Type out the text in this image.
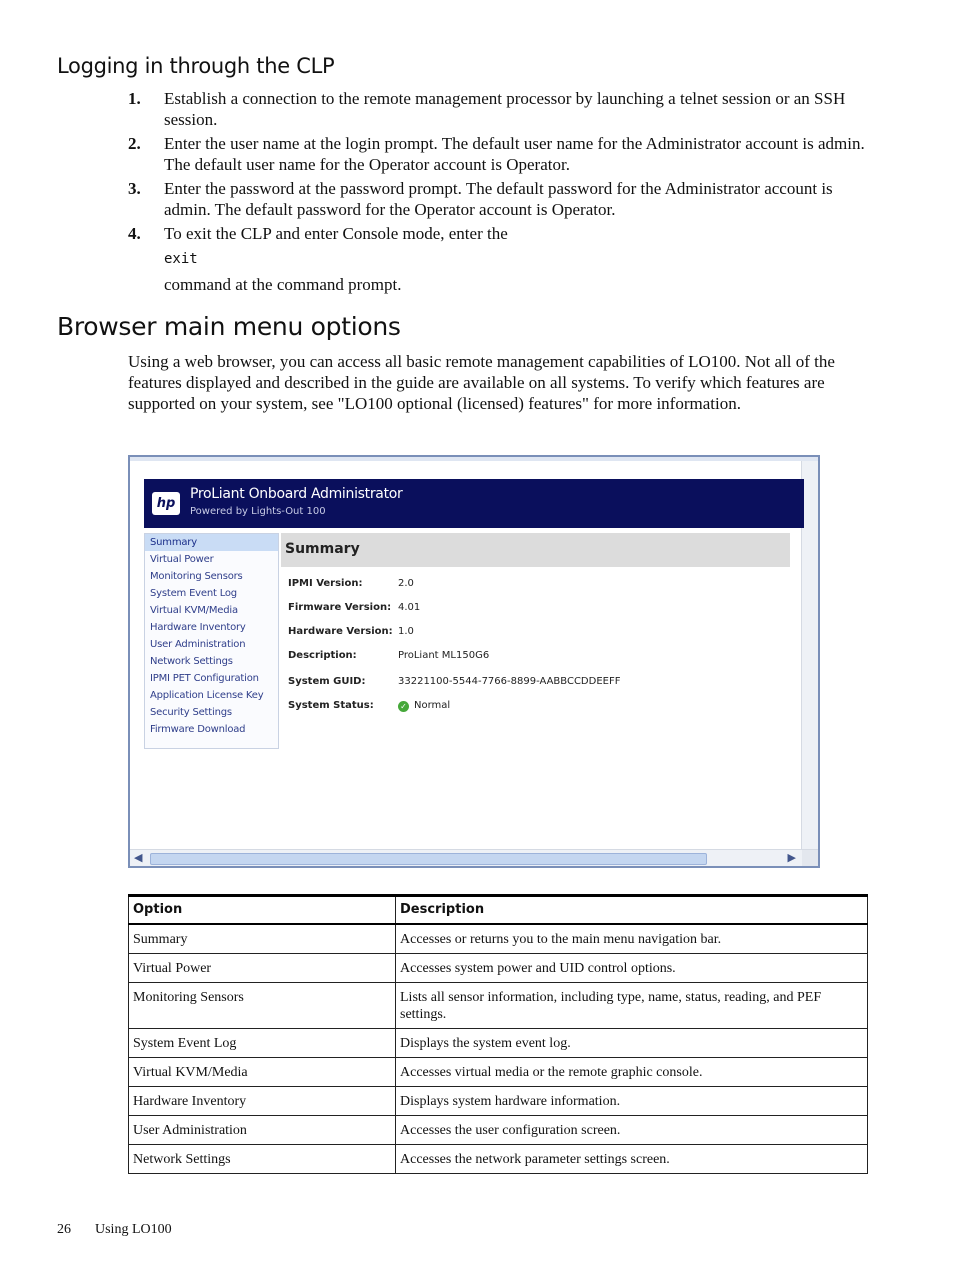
Logging in through the CLP
1. Establish a connection to the remote management processor by launching a telnet session or an SSH session.
2. Enter the user name at the login prompt. The default user name for the Administrator account is admin. The default user name for the Operator account is Operator.
3. Enter the password at the password prompt. The default password for the Administrator account is admin. The default password for the Operator account is Operator.
4. To exit the CLP and enter Console mode, enter the
exit
command at the command prompt.
Browser main menu options

Using a web browser, you can access all basic remote management capabilities of LO100. Not all of the features displayed and described in the guide are available on all systems. To verify which features are supported on your system, see "LO100 optional (licensed) features" for more information.

hp
ProLiant Onboard Administrator
Powered by Lights-Out 100
Summary
Virtual Power
Monitoring Sensors
System Event Log
Virtual KVM/Media
Hardware Inventory
User Administration
Network Settings
IPMI PET Configuration
Application License Key
Security Settings
Firmware Download
Summary
IPMI Version:	2.0
Firmware Version: 4.01
Hardware Version: 1.0
Description:	ProLiant ML150G6
System GUID:	33221100-5544-7766-8899-AABBCCDDEEFF
System Status:	✓ Normal
◀	▶
Option	Description
Summary	Accesses or returns you to the main menu navigation bar.
Virtual Power	Accesses system power and UID control options.
Monitoring Sensors	Lists all sensor information, including type, name, status, reading, and PEF settings.
System Event Log	Displays the system event log.
Virtual KVM/Media	Accesses virtual media or the remote graphic console.
Hardware Inventory	Displays system hardware information.
User Administration	Accesses the user configuration screen.
Network Settings	Accesses the network parameter settings screen.
26 Using LO100
